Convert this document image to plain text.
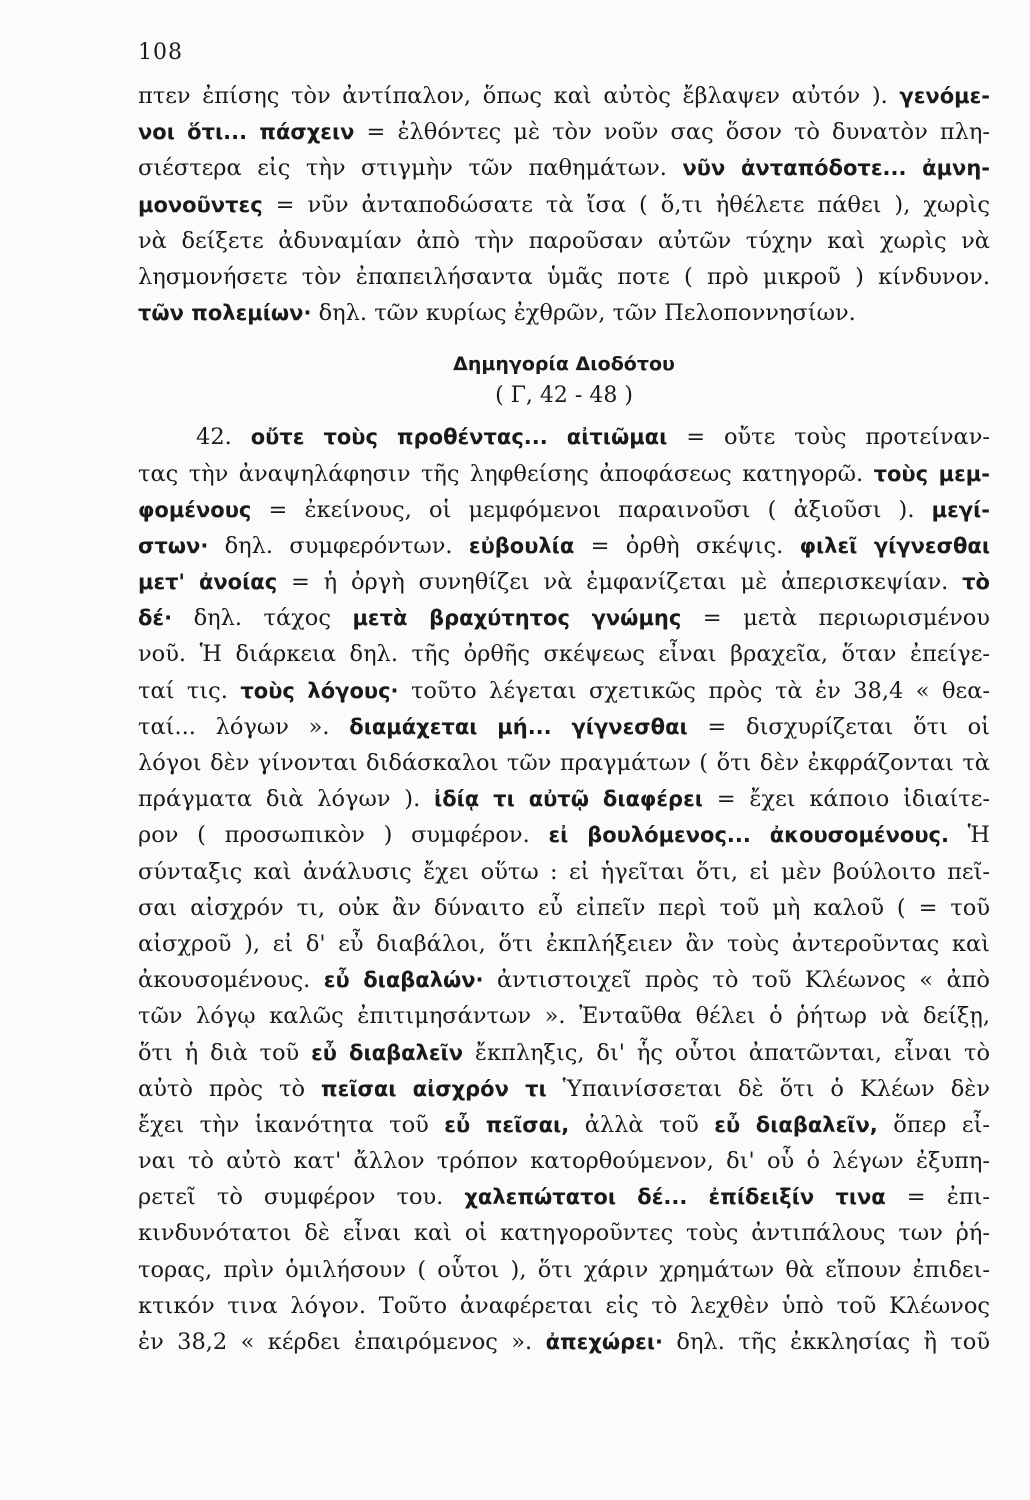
108
πτεν ἐπίσης τὸν ἀντίπαλον, ὅπως καὶ αὐτὸς ἔβλαψεν αὐτόν ). γενόμε-
νοι ὅτι... πάσχειν = ἐλθόντες μὲ τὸν νοῦν σας ὅσον τὸ δυνατὸν πλη-
σιέστερα εἰς τὴν στιγμὴν τῶν παθημάτων. νῦν ἀνταπόδοτε... ἀμνη-
μονοῦντες = νῦν ἀνταποδώσατε τὰ ἴσα ( ὅ,τι ἠθέλετε πάθει ), χωρὶς
νὰ δείξετε ἀδυναμίαν ἀπὸ τὴν παροῦσαν αὐτῶν τύχην καὶ χωρὶς νὰ
λησμονήσετε τὸν ἐπαπειλήσαντα ὑμᾶς ποτε ( πρὸ μικροῦ ) κίνδυνον.
τῶν πολεμίων· δηλ. τῶν κυρίως ἐχθρῶν, τῶν Πελοποννησίων.
Δημηγορία Διοδότου
( Γ, 42 - 48 )
42. οὔτε τοὺς προθέντας... αἰτιῶμαι = οὔτε τοὺς προτείναν-
τας τὴν ἀναψηλάφησιν τῆς ληφθείσης ἀποφάσεως κατηγορῶ. τοὺς μεμ-
φομένους = ἐκείνους, οἱ μεμφόμενοι παραινοῦσι ( ἀξιοῦσι ). μεγί-
στων· δηλ. συμφερόντων. εὐβουλία = ὀρθὴ σκέψις. φιλεῖ γίγνεσθαι
μετ' ἀνοίας = ἡ ὀργὴ συνηθίζει νὰ ἐμφανίζεται μὲ ἀπερισκεψίαν. τὸ
δέ· δηλ. τάχος μετὰ βραχύτητος γνώμης = μετὰ περιωρισμένου
νοῦ. Ἡ διάρκεια δηλ. τῆς ὀρθῆς σκέψεως εἶναι βραχεῖα, ὅταν ἐπείγε-
ταί τις. τοὺς λόγους· τοῦτο λέγεται σχετικῶς πρὸς τὰ ἐν 38,4 « θεα-
ταί... λόγων ». διαμάχεται μή... γίγνεσθαι = δισχυρίζεται ὅτι οἱ
λόγοι δὲν γίνονται διδάσκαλοι τῶν πραγμάτων ( ὅτι δὲν ἐκφράζονται τὰ
πράγματα διὰ λόγων ). ἰδίᾳ τι αὐτῷ διαφέρει = ἔχει κάποιο ἰδιαίτε-
ρον ( προσωπικὸν ) συμφέρον. εἰ βουλόμενος... ἀκουσομένους. Ἡ
σύνταξις καὶ ἀνάλυσις ἔχει οὕτω : εἰ ἡγεῖται ὅτι, εἰ μὲν βούλοιτο πεῖ-
σαι αἰσχρόν τι, οὐκ ἂν δύναιτο εὖ εἰπεῖν περὶ τοῦ μὴ καλοῦ ( = τοῦ
αἰσχροῦ ), εἰ δ' εὖ διαβάλοι, ὅτι ἐκπλήξειεν ἂν τοὺς ἀντεροῦντας καὶ
ἀκουσομένους. εὖ διαβαλών· ἀντιστοιχεῖ πρὸς τὸ τοῦ Κλέωνος « ἀπὸ
τῶν λόγῳ καλῶς ἐπιτιμησάντων ». Ἐνταῦθα θέλει ὁ ῥήτωρ νὰ δείξῃ,
ὅτι ἡ διὰ τοῦ εὖ διαβαλεῖν ἔκπληξις, δι' ἧς οὗτοι ἀπατῶνται, εἶναι τὸ
αὐτὸ πρὸς τὸ πεῖσαι αἰσχρόν τι Ὑπαινίσσεται δὲ ὅτι ὁ Κλέων δὲν
ἔχει τὴν ἱκανότητα τοῦ εὖ πεῖσαι, ἀλλὰ τοῦ εὖ διαβαλεῖν, ὅπερ εἶ-
ναι τὸ αὐτὸ κατ' ἄλλον τρόπον κατορθούμενον, δι' οὗ ὁ λέγων ἐξυπη-
ρετεῖ τὸ συμφέρον του. χαλεπώτατοι δέ... ἐπίδειξίν τινα = ἐπι-
κινδυνότατοι δὲ εἶναι καὶ οἱ κατηγοροῦντες τοὺς ἀντιπάλους των ῥή-
τορας, πρὶν ὁμιλήσουν ( οὗτοι ), ὅτι χάριν χρημάτων θὰ εἴπουν ἐπιδει-
κτικόν τινα λόγον. Τοῦτο ἀναφέρεται εἰς τὸ λεχθὲν ὑπὸ τοῦ Κλέωνος
ἐν 38,2 « κέρδει ἐπαιρόμενος ». ἀπεχώρει· δηλ. τῆς ἐκκλησίας ἢ τοῦ
